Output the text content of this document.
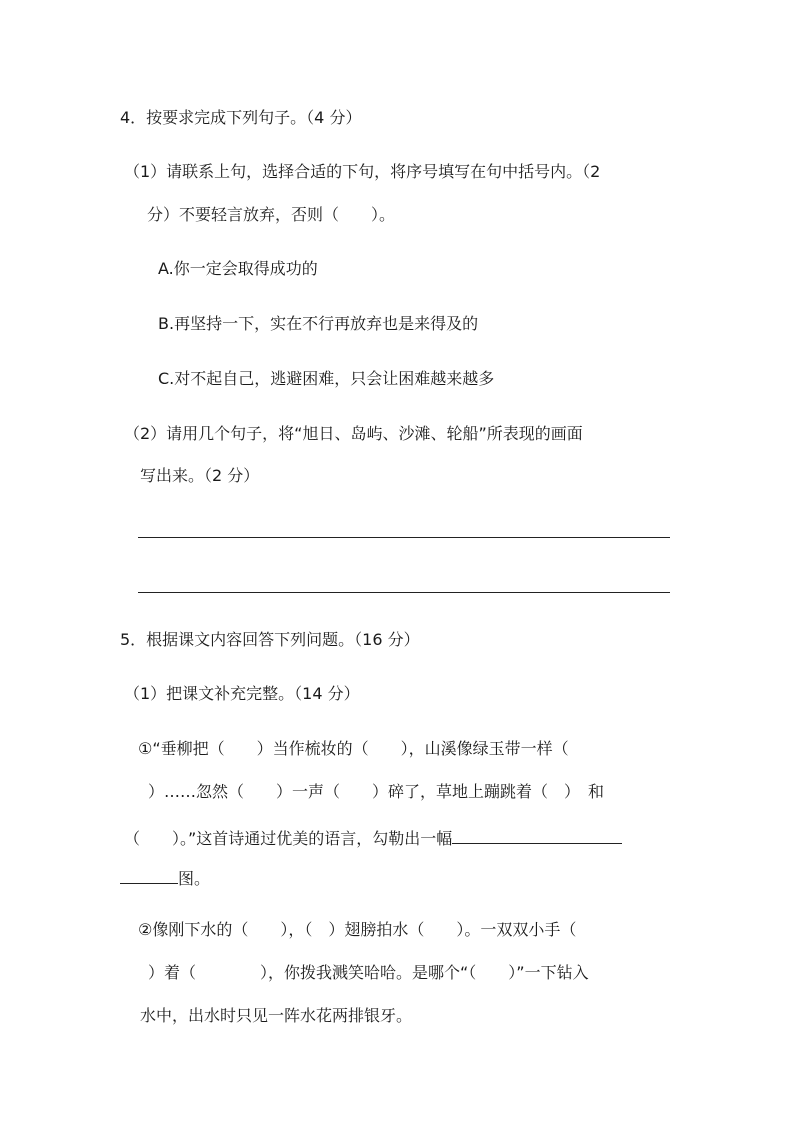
4．按要求完成下列句子。（4 分）
（1）请联系上句，选择合适的下句，将序号填写在句中括号内。（2
分）不要轻言放弃，否则（　　）。
A.你一定会取得成功的
B.再坚持一下，实在不行再放弃也是来得及的
C.对不起自己，逃避困难，只会让困难越来越多
（2）请用几个句子，将“旭日、岛屿、沙滩、轮船”所表现的画面
写出来。（2 分）
5．根据课文内容回答下列问题。（16 分）
（1）把课文补充完整。（14 分）
①“垂柳把（　　）当作梳妆的（　　），山溪像绿玉带一样（
）……忽然（　　）一声（　　）碎了，草地上蹦跳着（　）　和
（　　）。”这首诗通过优美的语言，勾勒出一幅
图。
②像刚下水的（　　），（　）翅膀拍水（　　）。一双双小手（
）着（　　　　），你拨我溅笑哈哈。是哪个“（　　）”一下钻入
水中，出水时只见一阵水花两排银牙。
